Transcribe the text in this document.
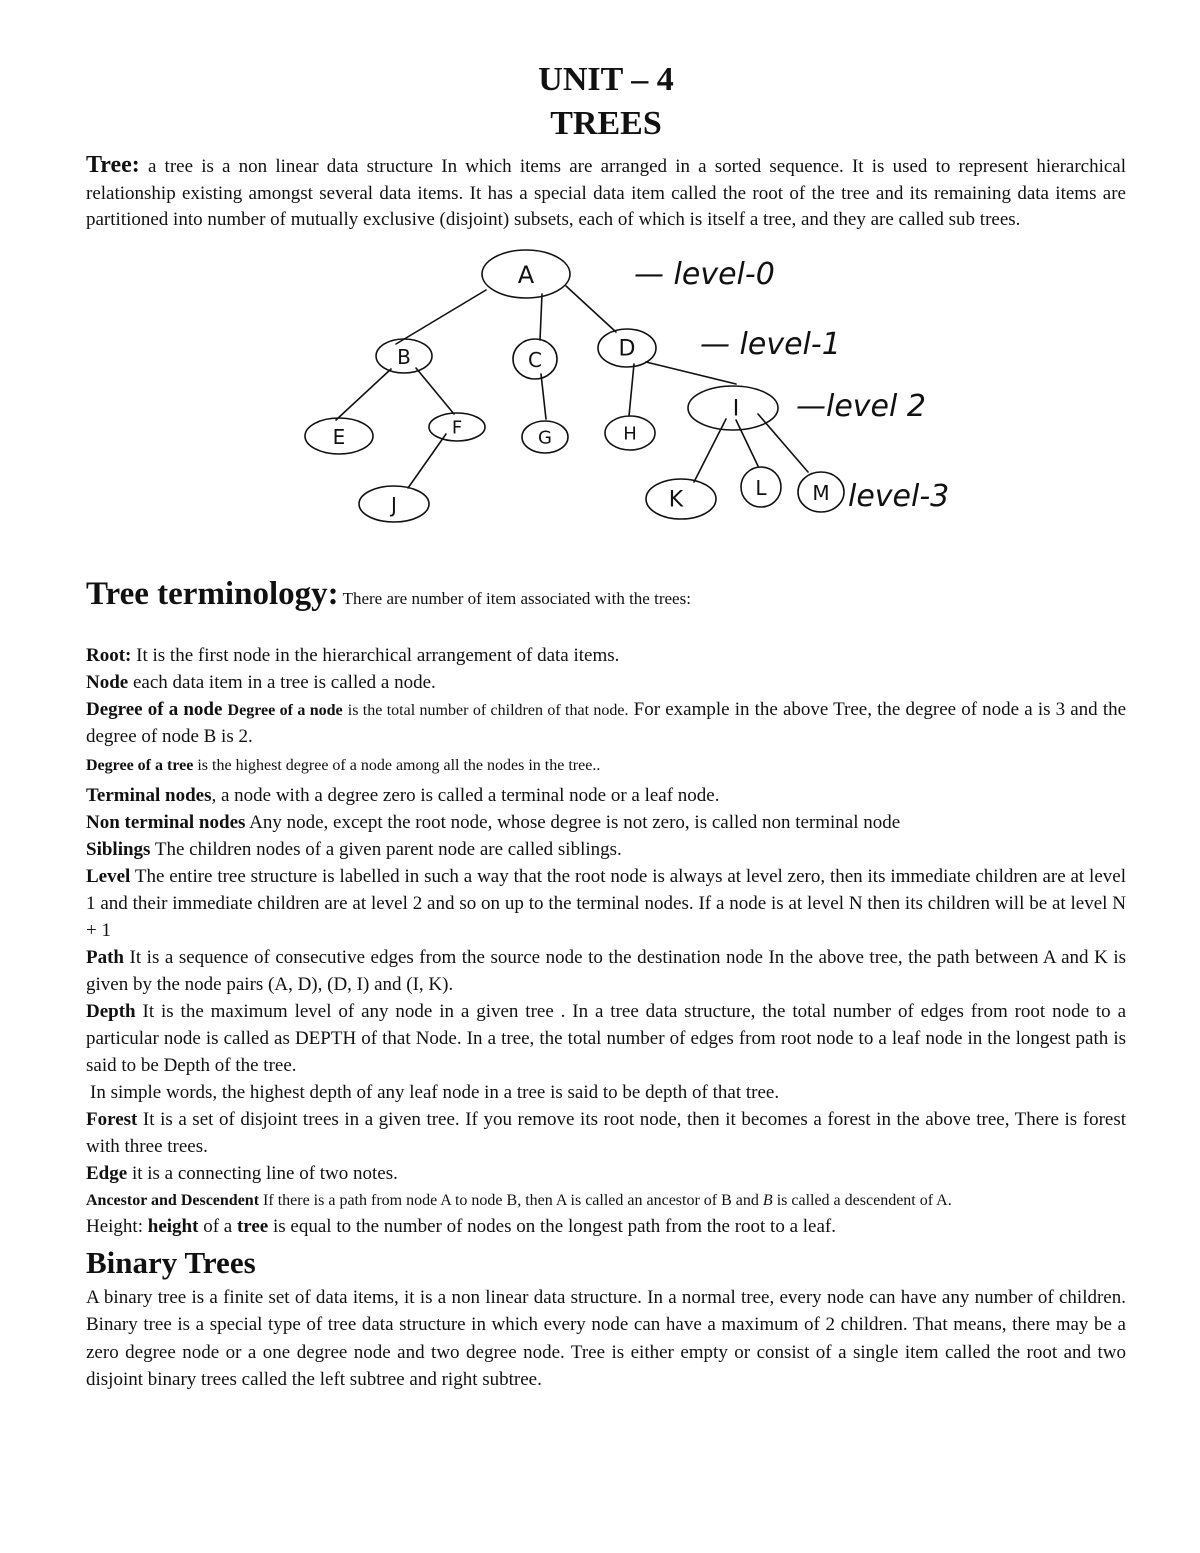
UNIT – 4
TREES

Tree: a tree is a non linear data structure In which items are arranged in a sorted sequence. It is used to represent hierarchical relationship existing amongst several data items. It has a special data item called the root of the tree and its remaining data items are partitioned into number of mutually exclusive (disjoint) subsets, each of which is itself a tree, and they are called sub trees.

A
B	C	D
E	F	G	H
I
J	K	L M
— level-0
— level-1
—level 2
level-3

Tree terminology: There are number of item associated with the trees:

Root: It is the first node in the hierarchical arrangement of data items.

Node each data item in a tree is called a node.

Degree of a node Degree of a node is the total number of children of that node. For example in the above Tree, the degree of node a is 3 and the degree of node B is 2.

Degree of a tree is the highest degree of a node among all the nodes in the tree..

Terminal nodes, a node with a degree zero is called a terminal node or a leaf node.

Non terminal nodes Any node, except the root node, whose degree is not zero, is called non terminal node

Siblings The children nodes of a given parent node are called siblings.

Level The entire tree structure is labelled in such a way that the root node is always at level zero, then its immediate children are at level 1 and their immediate children are at level 2 and so on up to the terminal nodes. If a node is at level N then its children will be at level N + 1

Path It is a sequence of consecutive edges from the source node to the destination node In the above tree, the path between A and K is given by the node pairs (A, D), (D, I) and (I, K).

Depth It is the maximum level of any node in a given tree . In a tree data structure, the total number of edges from root node to a particular node is called as DEPTH of that Node. In a tree, the total number of edges from root node to a leaf node in the longest path is said to be Depth of the tree.

In simple words, the highest depth of any leaf node in a tree is said to be depth of that tree.

Forest It is a set of disjoint trees in a given tree. If you remove its root node, then it becomes a forest in the above tree, There is forest with three trees.

Edge it is a connecting line of two notes.

Ancestor and Descendent If there is a path from node A to node B, then A is called an ancestor of B and B is called a descendent of A.

Height: height of a tree is equal to the number of nodes on the longest path from the root to a leaf.

Binary Trees

A binary tree is a finite set of data items, it is a non linear data structure. In a normal tree, every node can have any number of children. Binary tree is a special type of tree data structure in which every node can have a maximum of 2 children. That means, there may be a zero degree node or a one degree node and two degree node. Tree is either empty or consist of a single item called the root and two disjoint binary trees called the left subtree and right subtree.
